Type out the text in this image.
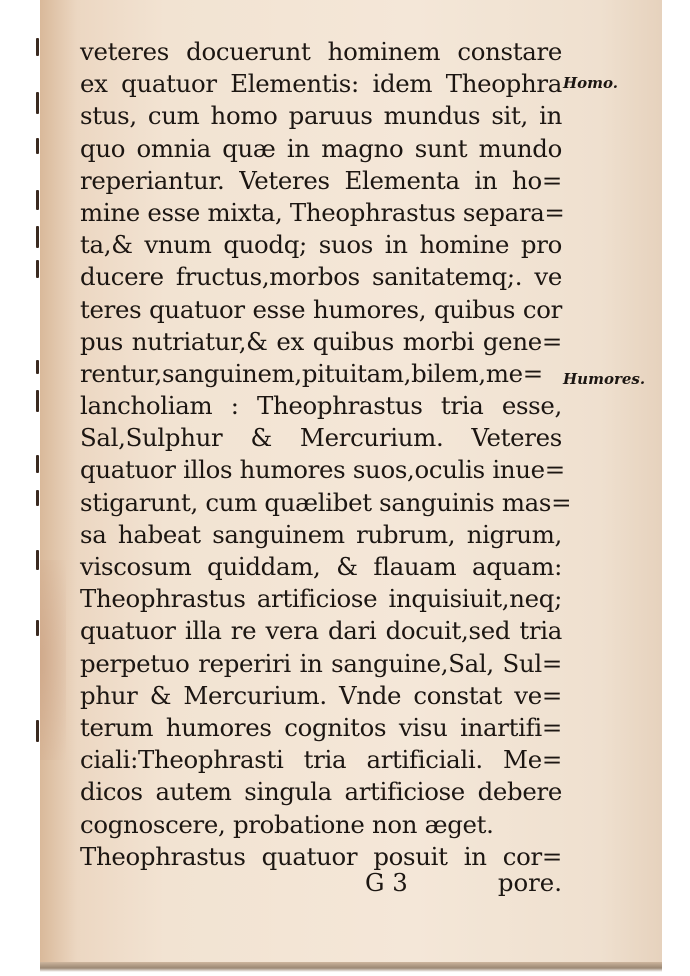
veteres docuerunt hominem constare
ex quatuor Elementis: idem Theophra
stus, cum homo paruus mundus sit, in
quo omnia quæ in magno sunt mundo
reperiantur. Veteres Elementa in ho=
mine esse mixta, Theophrastus separa=
ta,& vnum quodq; suos in homine pro
ducere fructus,morbos sanitatemq;. ve
teres quatuor esse humores, quibus cor
pus nutriatur,& ex quibus morbi gene=
rentur,sanguinem,pituitam,bilem,me=
lancholiam : Theophrastus tria esse,
Sal,Sulphur & Mercurium. Veteres
quatuor illos humores suos,oculis inue=
stigarunt, cum quælibet sanguinis mas=
sa habeat sanguinem rubrum, nigrum,
viscosum quiddam, & flauam aquam:
Theophrastus artificiose inquisiuit,neq;
quatuor illa re vera dari docuit,sed tria
perpetuo reperiri in sanguine,Sal, Sul=
phur & Mercurium. Vnde constat ve=
terum humores cognitos visu inartifi=
ciali:Theophrasti tria artificiali. Me=
dicos autem singula artificiose debere
cognoscere, probatione non æget.
Theophrastus quatuor posuit in cor=
Homo.
Humores.
G 3	pore.
